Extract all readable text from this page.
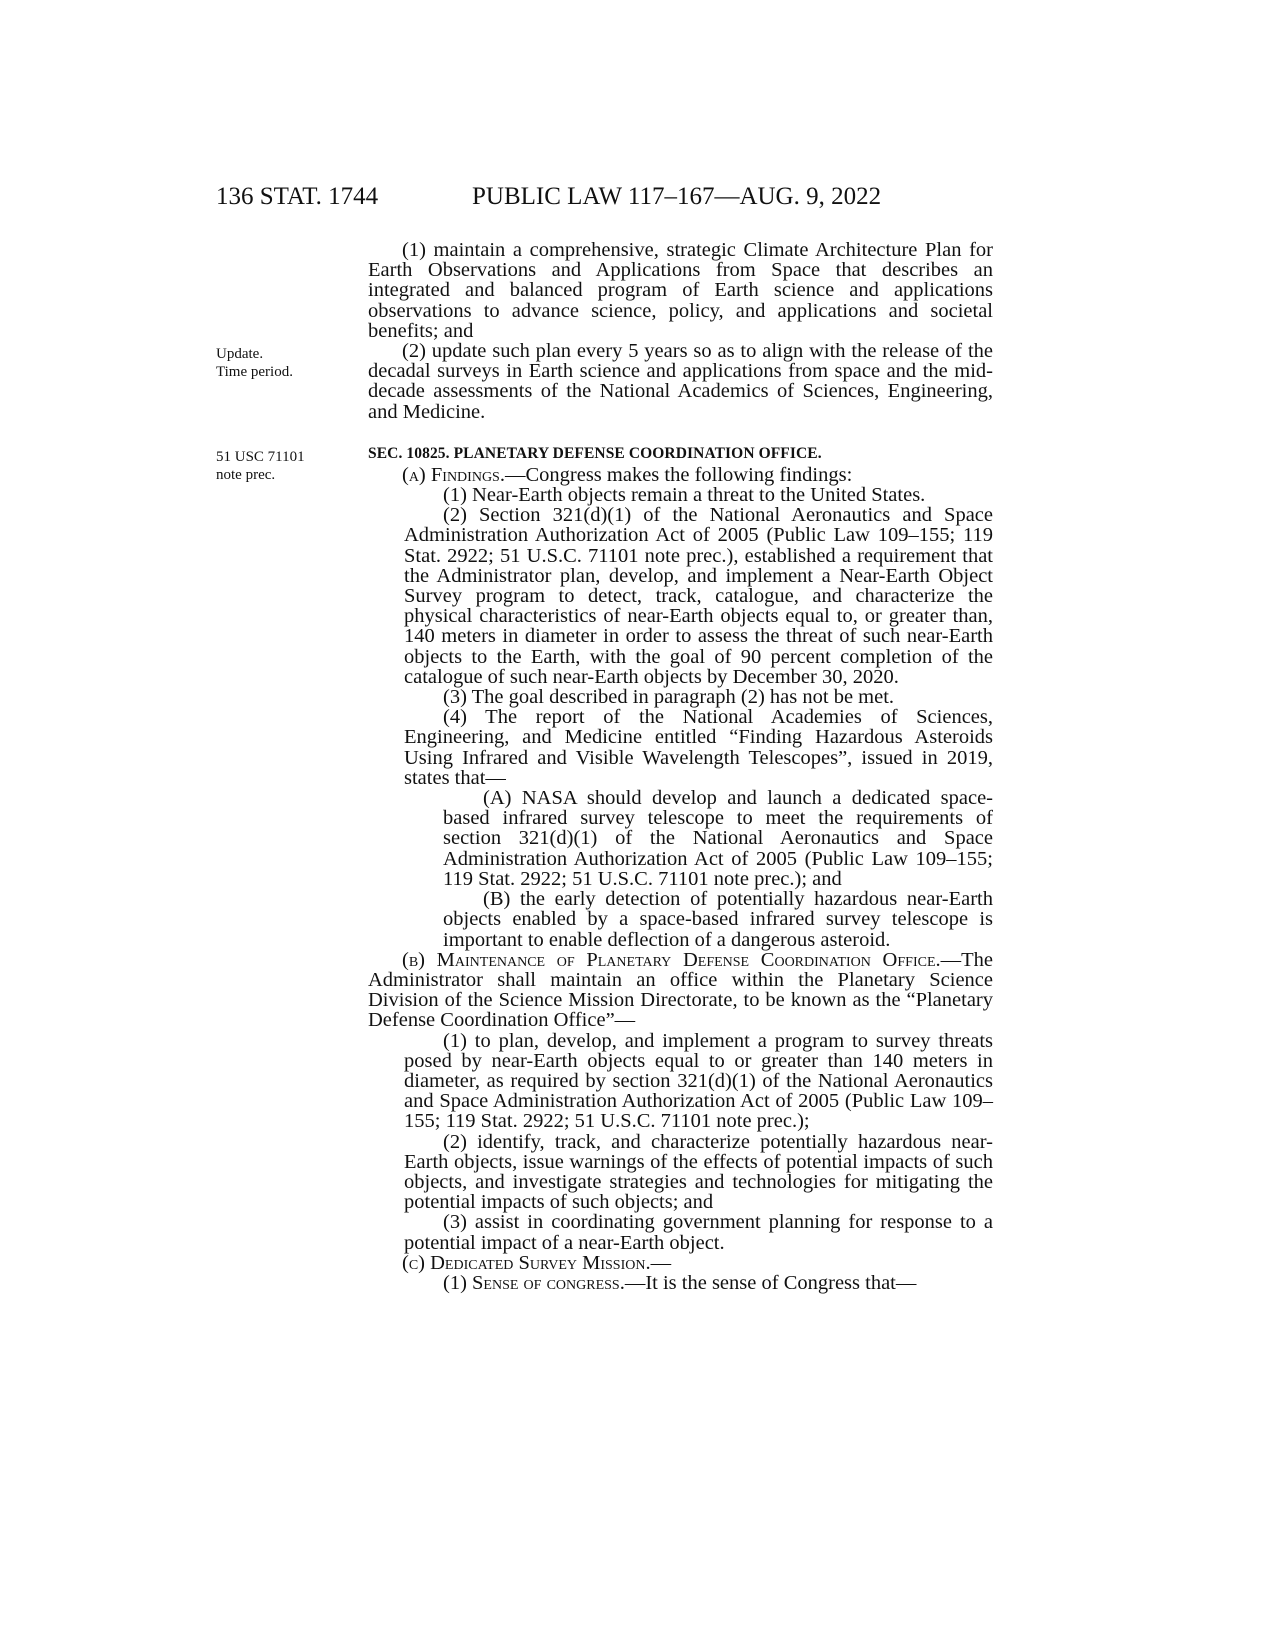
136 STAT. 1744	PUBLIC LAW 117–167—AUG. 9, 2022
Update.
Time period.
51 USC 71101
note prec.

(1) maintain a comprehensive, strategic Climate Architecture Plan for Earth Observations and Applications from Space that describes an integrated and balanced program of Earth science and applications observations to advance science, policy, and applications and societal benefits; and

(2) update such plan every 5 years so as to align with the release of the decadal surveys in Earth science and applications from space and the mid-decade assessments of the National Academics of Sciences, Engineering, and Medicine.

SEC. 10825. PLANETARY DEFENSE COORDINATION OFFICE.

(a) Findings.—Congress makes the following findings:

(1) Near-Earth objects remain a threat to the United States.

(2) Section 321(d)(1) of the National Aeronautics and Space Administration Authorization Act of 2005 (Public Law 109–155; 119 Stat. 2922; 51 U.S.C. 71101 note prec.), established a requirement that the Administrator plan, develop, and implement a Near-Earth Object Survey program to detect, track, catalogue, and characterize the physical characteristics of near-Earth objects equal to, or greater than, 140 meters in diameter in order to assess the threat of such near-Earth objects to the Earth, with the goal of 90 percent completion of the catalogue of such near-Earth objects by December 30, 2020.

(3) The goal described in paragraph (2) has not be met.

(4) The report of the National Academies of Sciences, Engineering, and Medicine entitled “Finding Hazardous Asteroids Using Infrared and Visible Wavelength Telescopes”, issued in 2019, states that—

(A) NASA should develop and launch a dedicated space-based infrared survey telescope to meet the requirements of section 321(d)(1) of the National Aeronautics and Space Administration Authorization Act of 2005 (Public Law 109–155; 119 Stat. 2922; 51 U.S.C. 71101 note prec.); and

(B) the early detection of potentially hazardous near-Earth objects enabled by a space-based infrared survey telescope is important to enable deflection of a dangerous asteroid.

(b) Maintenance of Planetary Defense Coordination Office.—The Administrator shall maintain an office within the Planetary Science Division of the Science Mission Directorate, to be known as the “Planetary Defense Coordination Office”—

(1) to plan, develop, and implement a program to survey threats posed by near-Earth objects equal to or greater than 140 meters in diameter, as required by section 321(d)(1) of the National Aeronautics and Space Administration Authorization Act of 2005 (Public Law 109–155; 119 Stat. 2922; 51 U.S.C. 71101 note prec.);

(2) identify, track, and characterize potentially hazardous near-Earth objects, issue warnings of the effects of potential impacts of such objects, and investigate strategies and technologies for mitigating the potential impacts of such objects; and

(3) assist in coordinating government planning for response to a potential impact of a near-Earth object.

(c) Dedicated Survey Mission.—

(1) Sense of congress.—It is the sense of Congress that—
